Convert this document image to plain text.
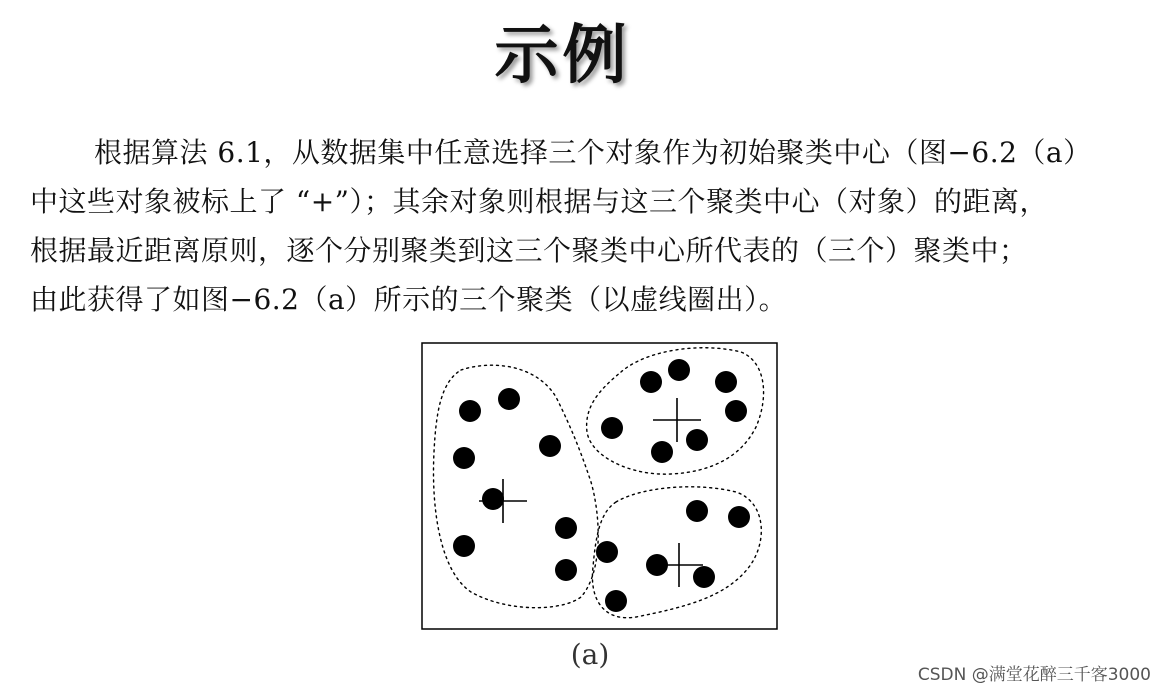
示例
根据算法 6.1，从数据集中任意选择三个对象作为初始聚类中心（图−6.2（a）
中这些对象被标上了 “+”）；其余对象则根据与这三个聚类中心（对象）的距离，
根据最近距离原则，逐个分别聚类到这三个聚类中心所代表的（三个）聚类中；
由此获得了如图−6.2（a）所示的三个聚类（以虚线圈出）。
(a)
CSDN @满堂花醉三千客3000
